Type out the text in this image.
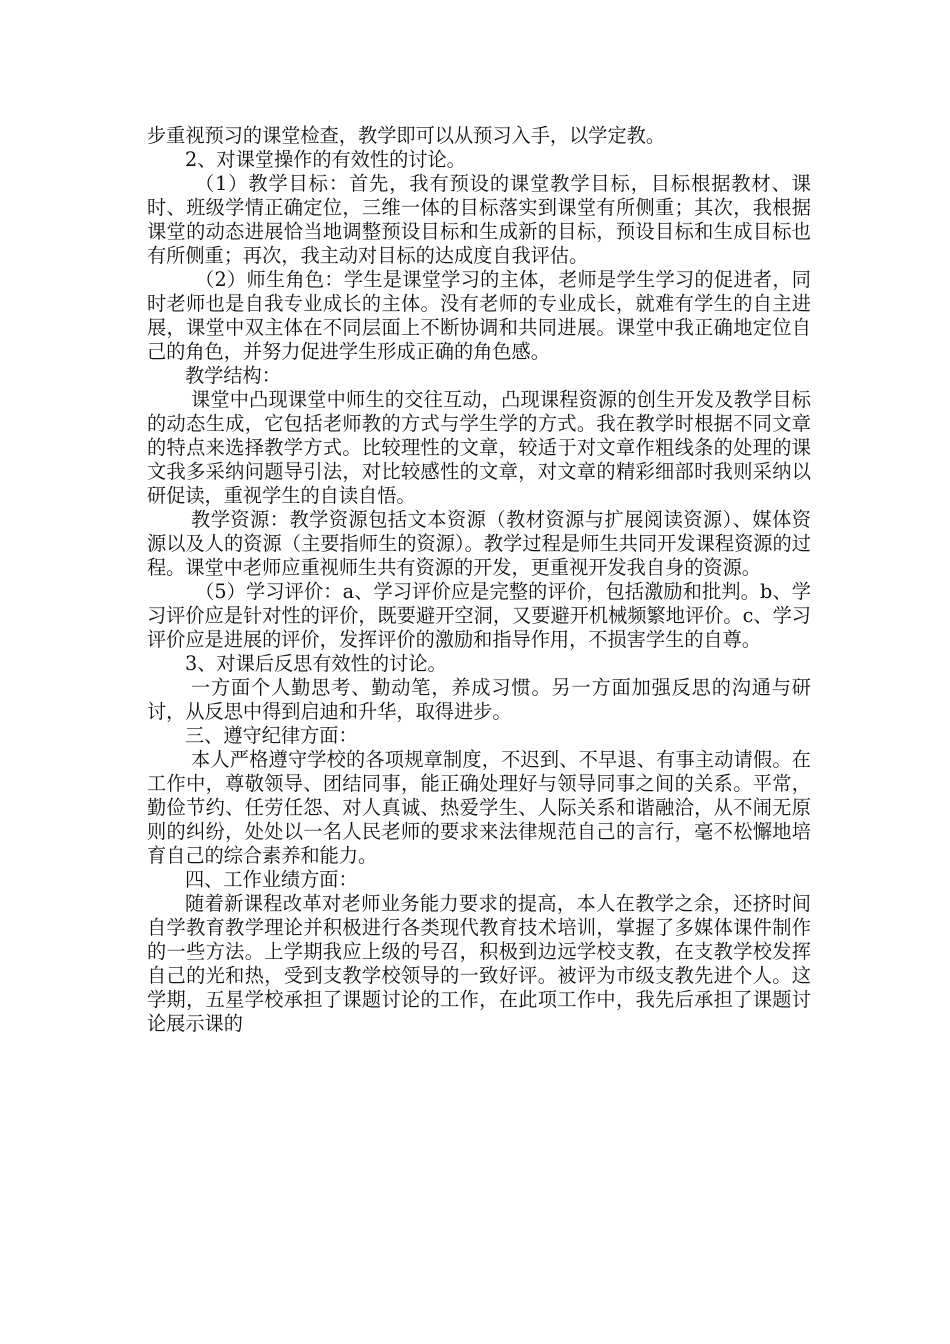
步重视预习的课堂检查，教学即可以从预习入手，以学定教。

2、对课堂操作的有效性的讨论。

（1）教学目标：首先，我有预设的课堂教学目标，目标根据教材、课时、班级学情正确定位，三维一体的目标落实到课堂有所侧重；其次，我根据课堂的动态进展恰当地调整预设目标和生成新的目标，预设目标和生成目标也有所侧重；再次，我主动对目标的达成度自我评估。

（2）师生角色：学生是课堂学习的主体，老师是学生学习的促进者，同时老师也是自我专业成长的主体。没有老师的专业成长，就难有学生的自主进展，课堂中双主体在不同层面上不断协调和共同进展。课堂中我正确地定位自己的角色，并努力促进学生形成正确的角色感。

教学结构：

课堂中凸现课堂中师生的交往互动，凸现课程资源的创生开发及教学目标的动态生成，它包括老师教的方式与学生学的方式。我在教学时根据不同文章的特点来选择教学方式。比较理性的文章，较适于对文章作粗线条的处理的课文我多采纳问题导引法，对比较感性的文章，对文章的精彩细部时我则采纳以研促读，重视学生的自读自悟。

教学资源：教学资源包括文本资源（教材资源与扩展阅读资源）、媒体资源以及人的资源（主要指师生的资源）。教学过程是师生共同开发课程资源的过程。课堂中老师应重视师生共有资源的开发，更重视开发我自身的资源。

（5）学习评价：a、学习评价应是完整的评价，包括激励和批判。b、学习评价应是针对性的评价，既要避开空洞，又要避开机械频繁地评价。c、学习评价应是进展的评价，发挥评价的激励和指导作用，不损害学生的自尊。

3、对课后反思有效性的讨论。

一方面个人勤思考、勤动笔，养成习惯。另一方面加强反思的沟通与研讨，从反思中得到启迪和升华，取得进步。

三、遵守纪律方面：

本人严格遵守学校的各项规章制度，不迟到、不早退、有事主动请假。在工作中，尊敬领导、团结同事，能正确处理好与领导同事之间的关系。平常，勤俭节约、任劳任怨、对人真诚、热爱学生、人际关系和谐融洽，从不闹无原则的纠纷，处处以一名人民老师的要求来法律规范自己的言行，毫不松懈地培育自己的综合素养和能力。

四、工作业绩方面：

随着新课程改革对老师业务能力要求的提高，本人在教学之余，还挤时间自学教育教学理论并积极进行各类现代教育技术培训，掌握了多媒体课件制作的一些方法。上学期我应上级的号召，积极到边远学校支教，在支教学校发挥自己的光和热，受到支教学校领导的一致好评。被评为市级支教先进个人。这学期，五星学校承担了课题讨论的工作，在此项工作中，我先后承担了课题讨论展示课的
